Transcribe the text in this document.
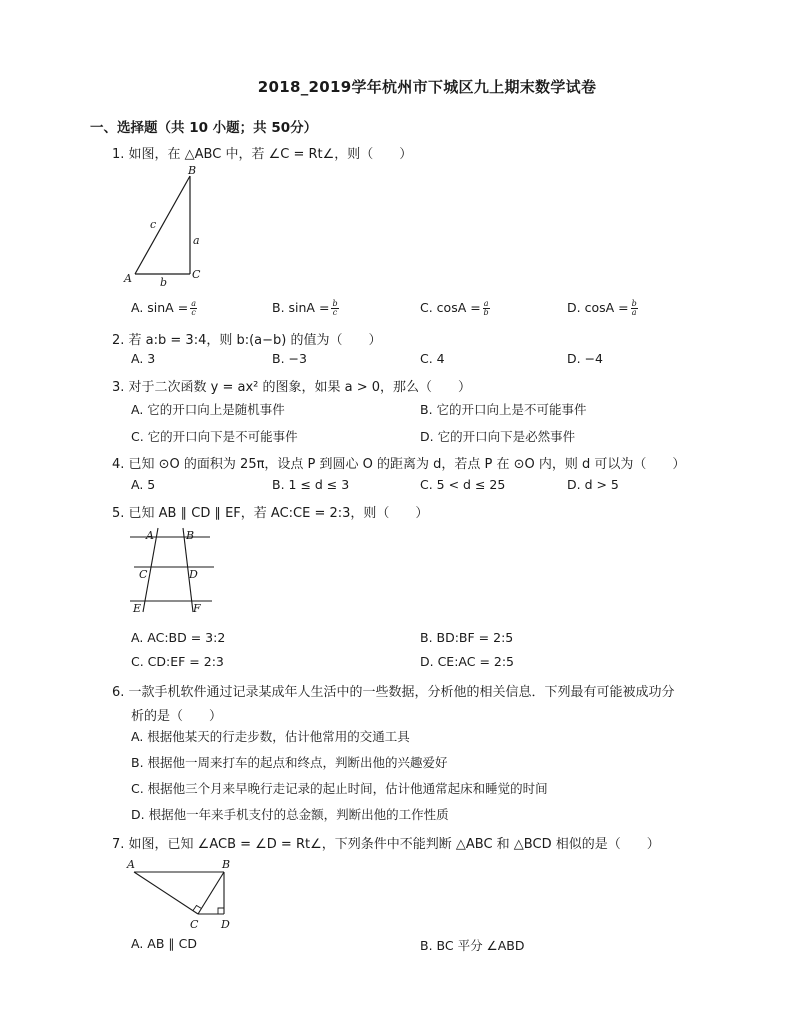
2018_2019学年杭州市下城区九上期末数学试卷
一、选择题（共 10 小题；共 50分）
1. 如图，在 △ABC 中，若 ∠C = Rt∠，则（　　）
B
A	C
a
b
c
A. $\sin A = \frac{a}{c}$	B. $\sin A = \frac{b}{c}$	C. $\cos A = \frac{a}{b}$	D. $\cos A = \frac{b}{a}$
2. 若 a:b = 3:4，则 b:(a−b) 的值为（　　）
A. 3	B. −3	C. 4	D. −4
3. 对于二次函数 y = ax² 的图象，如果 a > 0，那么（　　）
A. 它的开口向上是随机事件	B. 它的开口向上是不可能事件
C. 它的开口向下是不可能事件	D. 它的开口向下是必然事件
4. 已知 ⊙O 的面积为 25π，设点 P 到圆心 O 的距离为 d，若点 P 在 ⊙O 内，则 d 可以为（　　）
A. 5	B. 1 ≤ d ≤ 3	C. 5 < d ≤ 25	D. d > 5
5. 已知 AB ∥ CD ∥ EF，若 AC:CE = 2:3，则（　　）
A	B
C	D
E	F
A. AC:BD = 3:2	B. BD:BF = 2:5
C. CD:EF = 2:3	D. CE:AC = 2:5
6. 一款手机软件通过记录某成年人生活中的一些数据，分析他的相关信息．下列最有可能被成功分
析的是（　　）
A. 根据他某天的行走步数，估计他常用的交通工具
B. 根据他一周来打车的起点和终点，判断出他的兴趣爱好
C. 根据他三个月来早晚行走记录的起止时间，估计他通常起床和睡觉的时间
D. 根据他一年来手机支付的总金额，判断出他的工作性质
7. 如图，已知 ∠ACB = ∠D = Rt∠，下列条件中不能判断 △ABC 和 △BCD 相似的是（　　）
A	B
C D
A. AB ∥ CD	B. BC 平分 ∠ABD
